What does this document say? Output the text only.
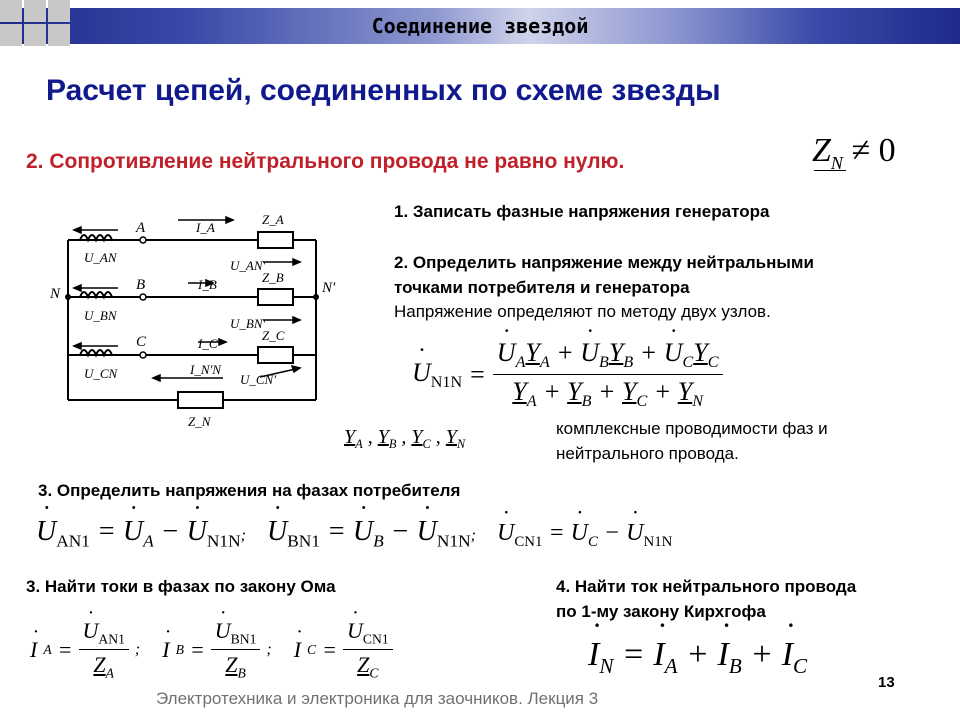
Соединение звездой
Расчет цепей, соединенных по схеме звезды
2. Сопротивление нейтрального провода не равно нулю.	$Z_N \ne 0$
A
B
C
N	N'
U_AN
U_BN
U_CN
I_A
I_B
I_C
I_N'N
U_AN'
U_BN'
U_CN'
Z_A
Z_B
Z_C
Z_N
1. Записать фазные напряжения генератора
2. Определить напряжение между нейтральными
точками потребителя и генератора
Напряжение определяют по методу двух узлов.
˙ $U_{N1N}$ = ˙ $\frac{U_AY_A + ˙ U_BY_B + ˙ U_CY_C}{Y_A + Y_B + Y_C + Y_N}$
$Y_A$ , $Y_B$ , $Y_C$ , $Y_N$
комплексные проводимости фаз и
нейтрального провода.
3. Определить напряжения на фазах потребителя
˙ $U_{AN1}$ = ˙ $U_A$ − ˙ $U_{N1N}$; ˙ $U_{BN1}$ = ˙ $U_B$ − ˙ $U_{N1N}$; ˙ $U_{CN1}$ = ˙ $U_C$ − ˙ $U_{N1N}$
3. Найти токи в фазах по закону Ома	4. Найти ток нейтрального провода
по 1-му закону Кирхгофа
˙ I A = ˙ $\frac{U_{AN1}}{Z_A}$ ; ˙ I B = ˙ $\frac{U_{BN1}}{Z_B}$ ; ˙ I C = ˙ $\frac{U_{CN1}}{Z_C}$	˙ $I_N$ = ˙ $I_A$ + ˙ $I_B$ + ˙ $I_C$
Электротехника и электроника для заочников. Лекция 3
13
